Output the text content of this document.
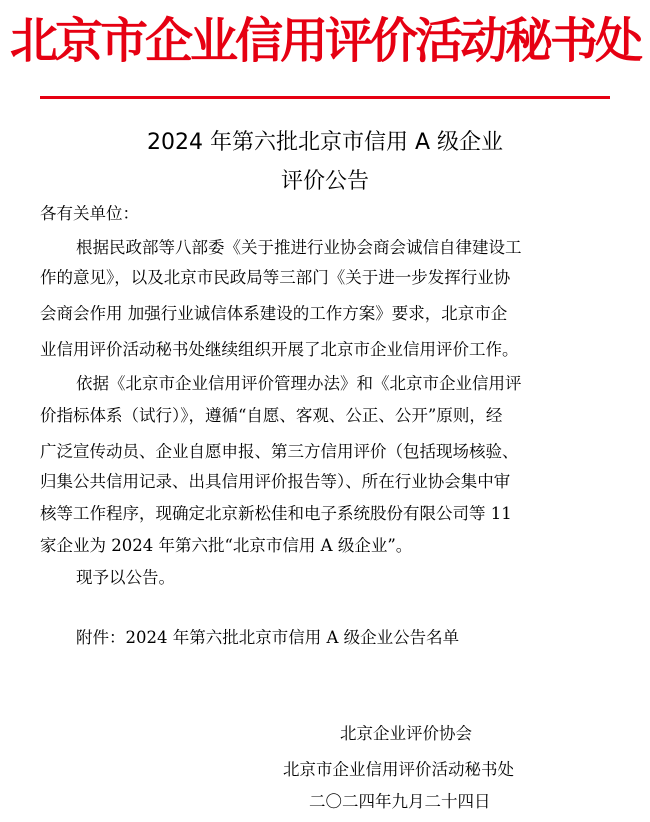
北京市企业信用评价活动秘书处
2024 年第六批北京市信用 A 级企业
评价公告
各有关单位：
根据民政部等八部委《关于推进行业协会商会诚信自律建设工
作的意见》，以及北京市民政局等三部门《关于进一步发挥行业协
会商会作用 加强行业诚信体系建设的工作方案》要求，北京市企
业信用评价活动秘书处继续组织开展了北京市企业信用评价工作。
依据《北京市企业信用评价管理办法》和《北京市企业信用评
价指标体系（试行）》，遵循“自愿、客观、公正、公开”原则，经
广泛宣传动员、企业自愿申报、第三方信用评价（包括现场核验、
归集公共信用记录、出具信用评价报告等）、所在行业协会集中审
核等工作程序，现确定北京新松佳和电子系统股份有限公司等 11
家企业为 2024 年第六批“北京市信用 A 级企业”。
现予以公告。
附件：2024 年第六批北京市信用 A 级企业公告名单
北京企业评价协会
北京市企业信用评价活动秘书处
二〇二四年九月二十四日
